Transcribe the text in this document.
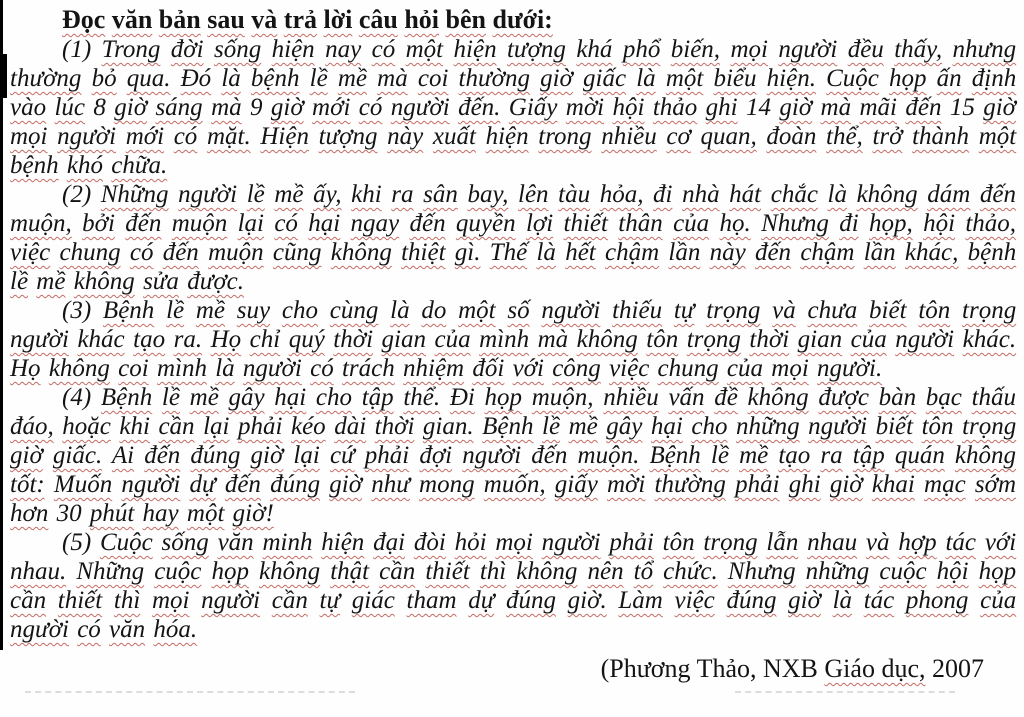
Đọc văn bản sau và trả lời câu hỏi bên dưới:

(1) Trong đời sống hiện nay có một hiện tượng khá phổ biến, mọi người đều thấy, nhưng thường bỏ qua. Đó là bệnh lề mề mà coi thường giờ giấc là một biểu hiện. Cuộc họp ấn định vào lúc 8 giờ sáng mà 9 giờ mới có người đến. Giấy mời hội thảo ghi 14 giờ mà mãi đến 15 giờ mọi người mới có mặt. Hiện tượng này xuất hiện trong nhiều cơ quan, đoàn thể, trở thành một bệnh khó chữa.

(2) Những người lề mề ấy, khi ra sân bay, lên tàu hỏa, đi nhà hát chắc là không dám đến muộn, bởi đến muộn lại có hại ngay đến quyền lợi thiết thân của họ. Nhưng đi họp, hội thảo, việc chung có đến muộn cũng không thiệt gì. Thế là hết chậm lần này đến chậm lần khác, bệnh lề mề không sửa được.

(3) Bệnh lề mề suy cho cùng là do một số người thiếu tự trọng và chưa biết tôn trọng người khác tạo ra. Họ chỉ quý thời gian của mình mà không tôn trọng thời gian của người khác. Họ không coi mình là người có trách nhiệm đối với công việc chung của mọi người.

(4) Bệnh lề mề gây hại cho tập thể. Đi họp muộn, nhiều vấn đề không được bàn bạc thấu đáo, hoặc khi cần lại phải kéo dài thời gian. Bệnh lề mề gây hại cho những người biết tôn trọng giờ giấc. Ai đến đúng giờ lại cứ phải đợi người đến muộn. Bệnh lề mề tạo ra tập quán không tốt: Muốn người dự đến đúng giờ như mong muốn, giấy mời thường phải ghi giờ khai mạc sớm hơn 30 phút hay một giờ!

(5) Cuộc sống văn minh hiện đại đòi hỏi mọi người phải tôn trọng lẫn nhau và hợp tác với nhau. Những cuộc họp không thật cần thiết thì không nên tổ chức. Nhưng những cuộc hội họp cần thiết thì mọi người cần tự giác tham dự đúng giờ. Làm việc đúng giờ là tác phong của người có văn hóa.

(Phương Thảo, NXB Giáo dục, 2007
